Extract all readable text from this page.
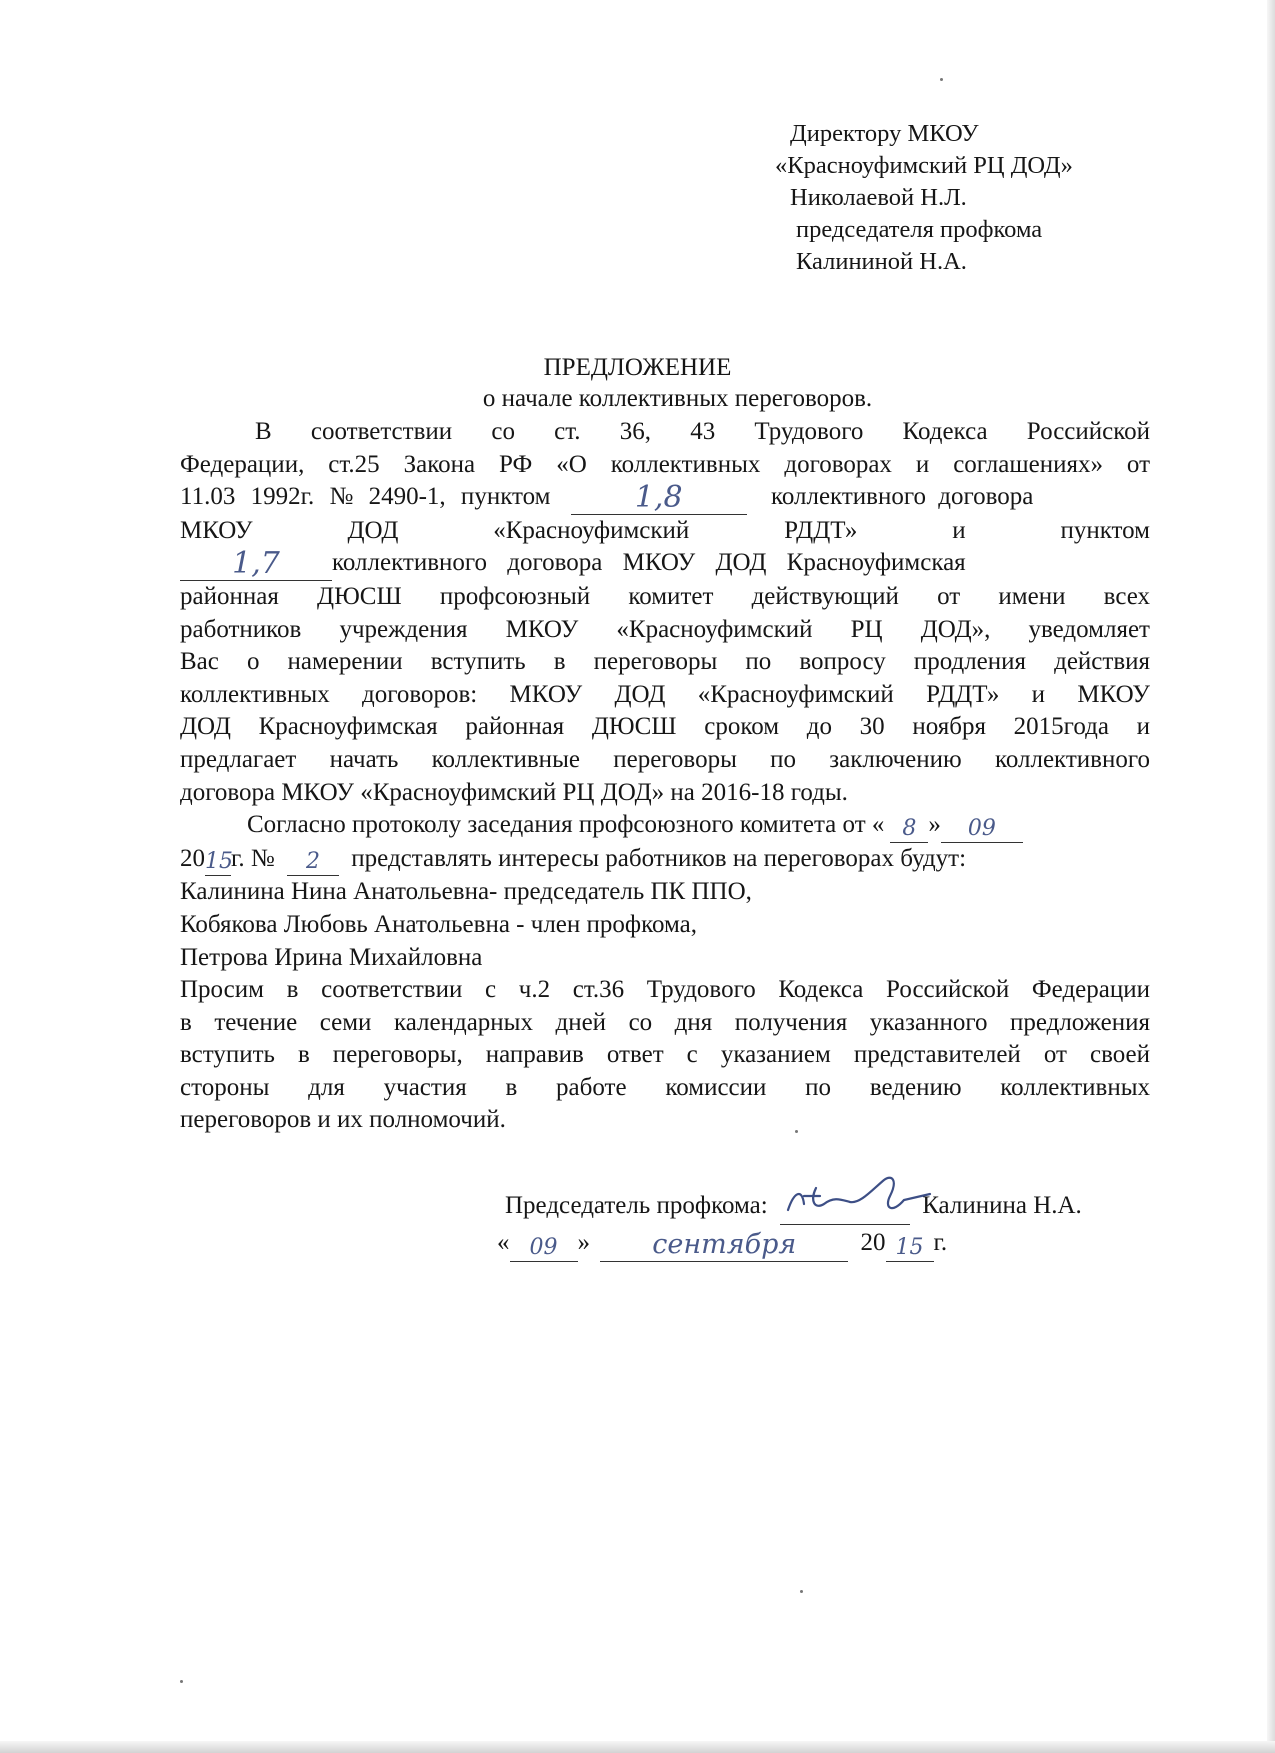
Директору МКОУ
«Красноуфимский РЦ ДОД»
Николаевой Н.Л.
председателя профкома
Калининой Н.А.
ПРЕДЛОЖЕНИЕ
о начале коллективных переговоров.
В соответствии со ст. 36, 43 Трудового Кодекса Российской
Федерации, ст.25 Закона РФ «О коллективных договорах и соглашениях» от
11.03 1992г. № 2490-1, пунктом	1,8	коллективного договора
МКОУ ДОД «Красноуфимский РДДТ» и пунктом
1,7	коллективного договора МКОУ ДОД Красноуфимская
районная ДЮСШ профсоюзный комитет действующий от имени всех
работников учреждения МКОУ «Красноуфимский РЦ ДОД», уведомляет
Вас о намерении вступить в переговоры по вопросу продления действия
коллективных договоров: МКОУ ДОД «Красноуфимский РДДТ» и МКОУ
ДОД Красноуфимская районная ДЮСШ сроком до 30 ноября 2015года и
предлагает начать коллективные переговоры по заключению коллективного
договора МКОУ «Красноуфимский РЦ ДОД» на 2016-18 годы.
Согласно протоколу заседания профсоюзного комитета от « 8 »	09

20 15
г. №	2	представлять интересы работников на переговорах будут:
Калинина Нина Анатольевна- председатель ПК ППО,
Кобякова Любовь Анатольевна - член профкома,
Петрова Ирина Михайловна
Просим в соответствии с ч.2 ст.36 Трудового Кодекса Российской Федерации
в течение семи календарных дней со дня получения указанного предложения
вступить в переговоры, направив ответ с указанием представителей от своей
стороны для участия в работе комиссии по ведению коллективных
переговоров и их полномочий.
Председатель профкома:	Калинина Н.А.
« 09 »	сентября	20 15 г.
